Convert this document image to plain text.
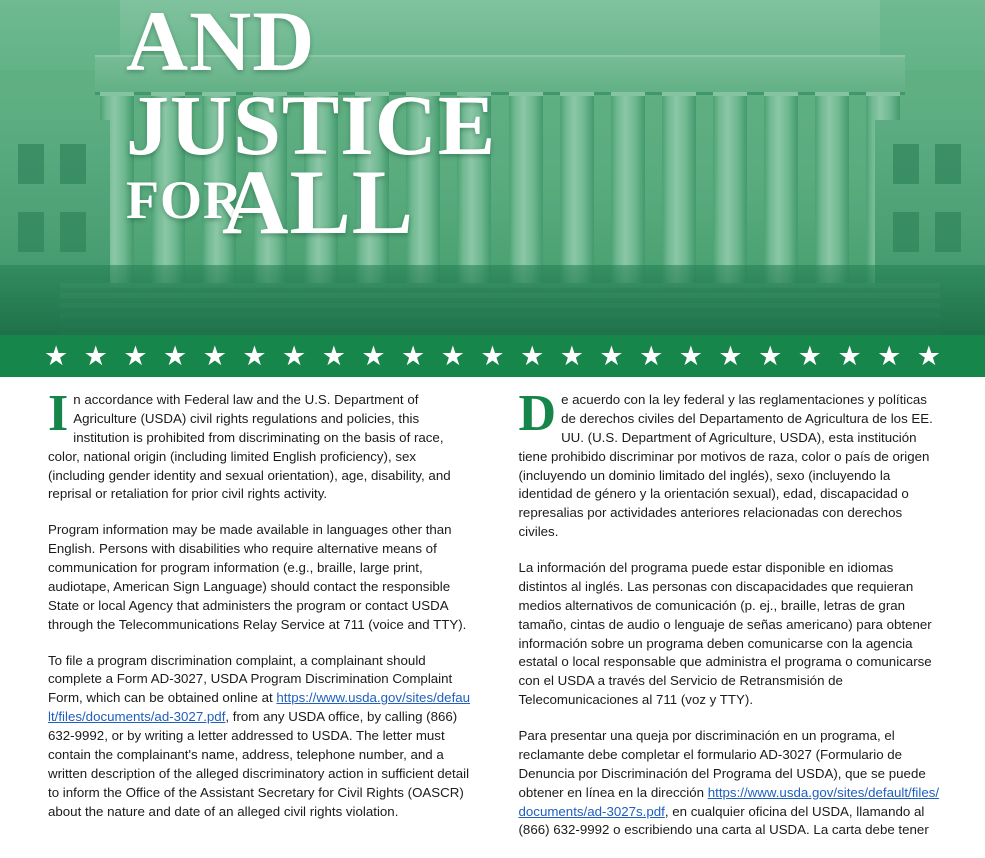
AND
JUSTICE
FOR
ALL
★ ★ ★ ★ ★ ★ ★ ★ ★ ★ ★ ★ ★ ★ ★ ★ ★ ★ ★ ★ ★ ★ ★

In accordance with Federal law and the U.S. Department of Agriculture (USDA) civil rights regulations and policies, this institution is prohibited from discriminating on the basis of race, color, national origin (including limited English proficiency), sex (including gender identity and sexual orientation), age, disability, and reprisal or retaliation for prior civil rights activity.

Program information may be made available in languages other than English. Persons with disabilities who require alternative means of communication for program information (e.g., braille, large print, audiotape, American Sign Language) should contact the responsible State or local Agency that administers the program or contact USDA through the Telecommunications Relay Service at 711 (voice and TTY).

To file a program discrimination complaint, a complainant should complete a Form AD-3027, USDA Program Discrimination Complaint Form, which can be obtained online at https://www.usda.gov/sites/default/files/documents/ad-3027.pdf, from any USDA office, by calling (866) 632-9992, or by writing a letter addressed to USDA. The letter must contain the complainant's name, address, telephone number, and a written description of the alleged discriminatory action in sufficient detail to inform the Office of the Assistant Secretary for Civil Rights (OASCR) about the nature and date of an alleged civil rights violation.

De acuerdo con la ley federal y las reglamentaciones y políticas de derechos civiles del Departamento de Agricultura de los EE. UU. (U.S. Department of Agriculture, USDA), esta institución tiene prohibido discriminar por motivos de raza, color o país de origen (incluyendo un dominio limitado del inglés), sexo (incluyendo la identidad de género y la orientación sexual), edad, discapacidad o represalias por actividades anteriores relacionadas con derechos civiles.

La información del programa puede estar disponible en idiomas distintos al inglés. Las personas con discapacidades que requieran medios alternativos de comunicación (p. ej., braille, letras de gran tamaño, cintas de audio o lenguaje de señas americano) para obtener información sobre un programa deben comunicarse con la agencia estatal o local responsable que administra el programa o comunicarse con el USDA a través del Servicio de Retransmisión de Telecomunicaciones al 711 (voz y TTY).

Para presentar una queja por discriminación en un programa, el reclamante debe completar el formulario AD-3027 (Formulario de Denuncia por Discriminación del Programa del USDA), que se puede obtener en línea en la dirección https://www.usda.gov/sites/default/files/documents/ad-3027s.pdf, en cualquier oficina del USDA, llamando al (866) 632-9992 o escribiendo una carta al USDA. La carta debe tener
